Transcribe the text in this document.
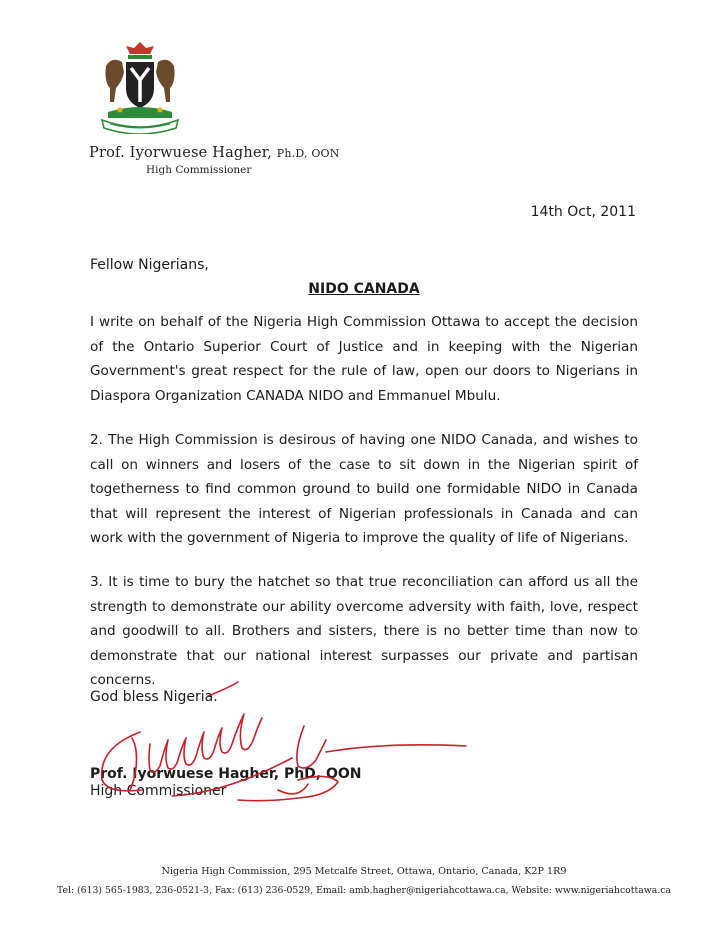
Prof. Iyorwuese Hagher, Ph.D, OON
High Commissioner
14th Oct, 2011
Fellow Nigerians,
NIDO CANADA

I write on behalf of the Nigeria High Commission Ottawa to accept the decision of the Ontario Superior Court of Justice and in keeping with the Nigerian Government's great respect for the rule of law, open our doors to Nigerians in Diaspora Organization CANADA NIDO and Emmanuel Mbulu.

2. The High Commission is desirous of having one NIDO Canada, and wishes to call on winners and losers of the case to sit down in the Nigerian spirit of togetherness to find common ground to build one formidable NIDO in Canada that will represent the interest of Nigerian professionals in Canada and can work with the government of Nigeria to improve the quality of life of Nigerians.

3. It is time to bury the hatchet so that true reconciliation can afford us all the strength to demonstrate our ability overcome adversity with faith, love, respect and goodwill to all. Brothers and sisters, there is no better time than now to demonstrate that our national interest surpasses our private and partisan concerns.

God bless Nigeria.
Prof. Iyorwuese Hagher, PhD, OON
High Commissioner
Nigeria High Commission, 295 Metcalfe Street, Ottawa, Ontario, Canada, K2P 1R9
Tel: (613) 565-1983, 236-0521-3, Fax: (613) 236-0529, Email: amb.hagher@nigeriahcottawa.ca, Website: www.nigeriahcottawa.ca
